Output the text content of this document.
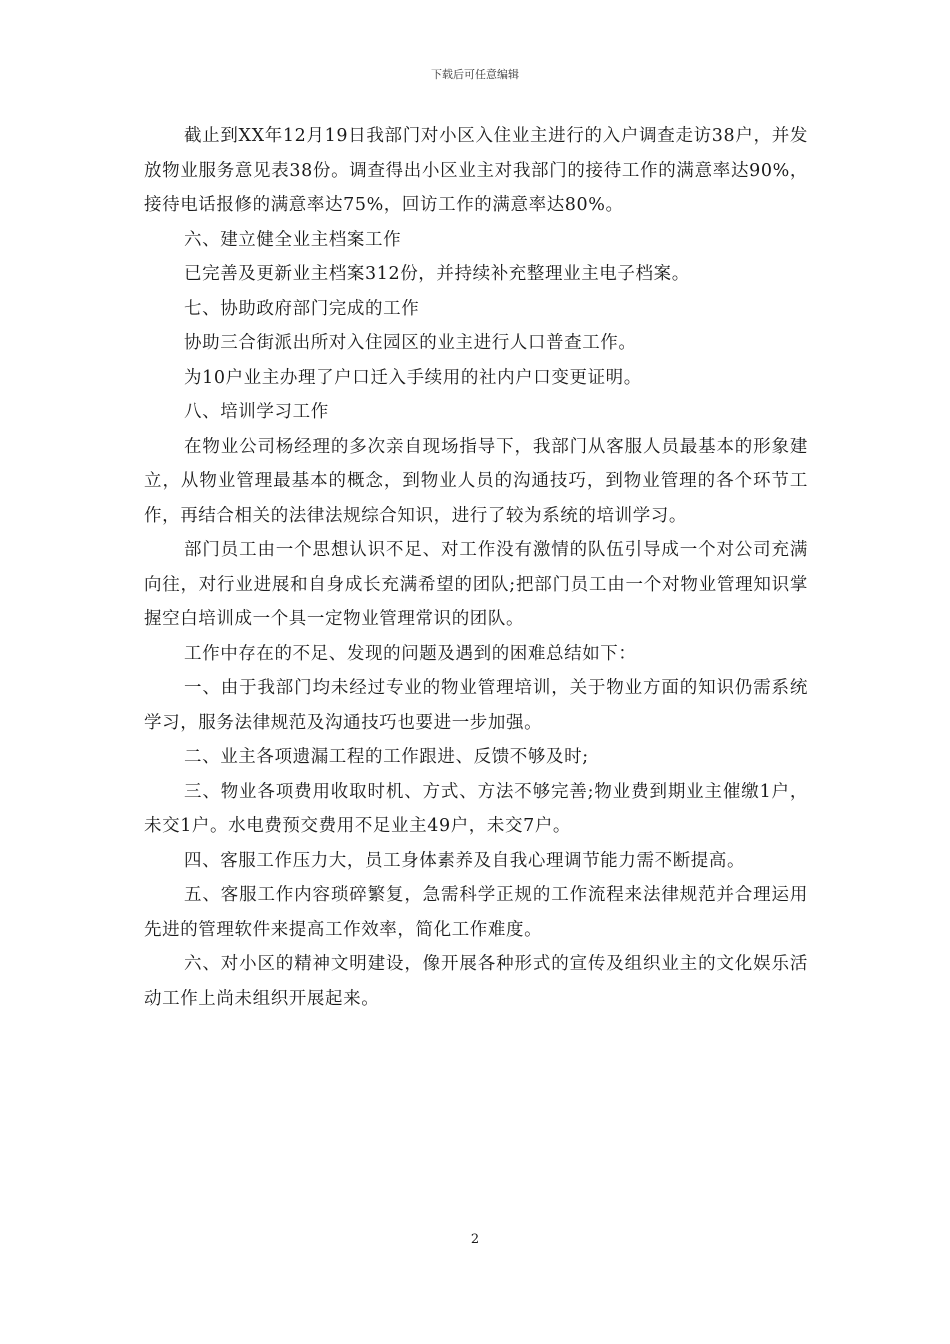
下载后可任意编辑

截止到XX年12月19日我部门对小区入住业主进行的入户调查走访38户，并发放物业服务意见表38份。调查得出小区业主对我部门的接待工作的满意率达90%，接待电话报修的满意率达75%，回访工作的满意率达80%。

六、建立健全业主档案工作

已完善及更新业主档案312份，并持续补充整理业主电子档案。

七、协助政府部门完成的工作

协助三合街派出所对入住园区的业主进行人口普查工作。

为10户业主办理了户口迁入手续用的社内户口变更证明。

八、培训学习工作

在物业公司杨经理的多次亲自现场指导下，我部门从客服人员最基本的形象建立，从物业管理最基本的概念，到物业人员的沟通技巧，到物业管理的各个环节工作，再结合相关的法律法规综合知识，进行了较为系统的培训学习。

部门员工由一个思想认识不足、对工作没有激情的队伍引导成一个对公司充满向往，对行业进展和自身成长充满希望的团队;把部门员工由一个对物业管理知识掌握空白培训成一个具一定物业管理常识的团队。

工作中存在的不足、发现的问题及遇到的困难总结如下：

一、由于我部门均未经过专业的物业管理培训，关于物业方面的知识仍需系统学习，服务法律规范及沟通技巧也要进一步加强。

二、业主各项遗漏工程的工作跟进、反馈不够及时;

三、物业各项费用收取时机、方式、方法不够完善;物业费到期业主催缴1户，未交1户。水电费预交费用不足业主49户，未交7户。

四、客服工作压力大，员工身体素养及自我心理调节能力需不断提高。

五、客服工作内容琐碎繁复，急需科学正规的工作流程来法律规范并合理运用先进的管理软件来提高工作效率，简化工作难度。

六、对小区的精神文明建设，像开展各种形式的宣传及组织业主的文化娱乐活动工作上尚未组织开展起来。

2
